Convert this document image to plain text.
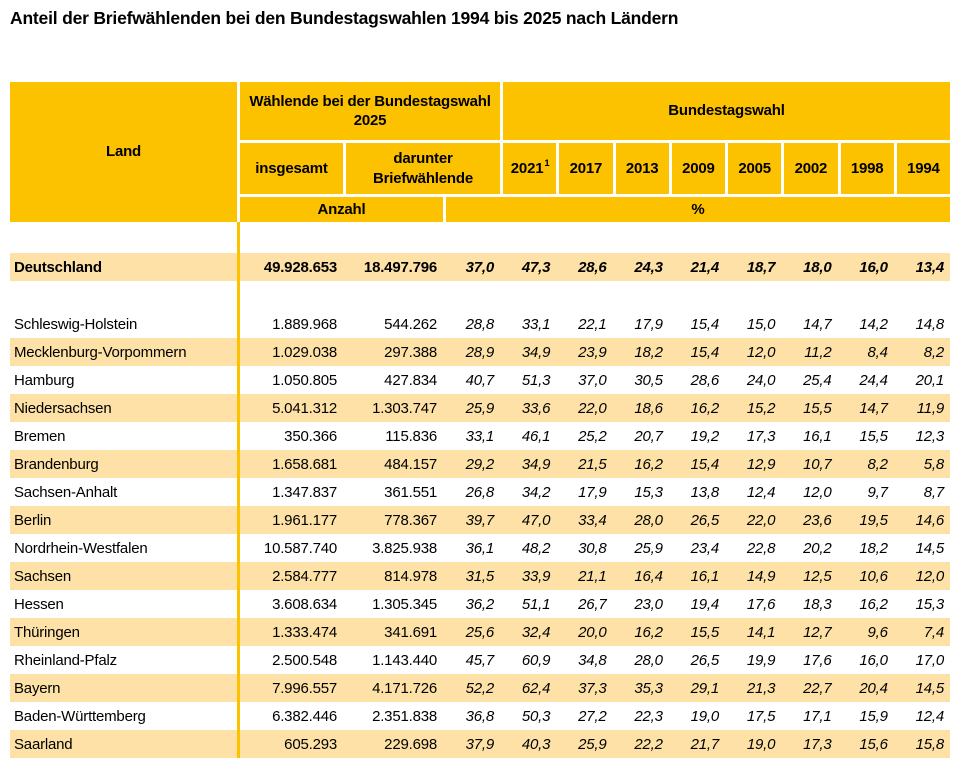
Anteil der Briefwählenden bei den Bundestagswahlen 1994 bis 2025 nach Ländern
Land
Wählende bei der Bundestagswahl 2025
Bundestagswahl
insgesamt
darunter Briefwählende
Anzahl	%
2021$^1$ 2017 2013 2009 2005 2002 1998 1994
Deutschland	49.928.653	18.497.796	37,0	47,3	28,6	24,3	21,4	18,7	18,0	16,0	13,4
Schleswig-Holstein	1.889.968	544.262	28,8	33,1	22,1	17,9	15,4	15,0	14,7	14,2	14,8
Mecklenburg-Vorpommern	1.029.038	297.388	28,9	34,9	23,9	18,2	15,4	12,0	11,2	8,4	8,2
Hamburg	1.050.805	427.834	40,7	51,3	37,0	30,5	28,6	24,0	25,4	24,4	20,1
Niedersachsen	5.041.312	1.303.747	25,9	33,6	22,0	18,6	16,2	15,2	15,5	14,7	11,9
Bremen	350.366	115.836	33,1	46,1	25,2	20,7	19,2	17,3	16,1	15,5	12,3
Brandenburg	1.658.681	484.157	29,2	34,9	21,5	16,2	15,4	12,9	10,7	8,2	5,8
Sachsen-Anhalt	1.347.837	361.551	26,8	34,2	17,9	15,3	13,8	12,4	12,0	9,7	8,7
Berlin	1.961.177	778.367	39,7	47,0	33,4	28,0	26,5	22,0	23,6	19,5	14,6
Nordrhein-Westfalen	10.587.740	3.825.938	36,1	48,2	30,8	25,9	23,4	22,8	20,2	18,2	14,5
Sachsen	2.584.777	814.978	31,5	33,9	21,1	16,4	16,1	14,9	12,5	10,6	12,0
Hessen	3.608.634	1.305.345	36,2	51,1	26,7	23,0	19,4	17,6	18,3	16,2	15,3
Thüringen	1.333.474	341.691	25,6	32,4	20,0	16,2	15,5	14,1	12,7	9,6	7,4
Rheinland-Pfalz	2.500.548	1.143.440	45,7	60,9	34,8	28,0	26,5	19,9	17,6	16,0	17,0
Bayern	7.996.557	4.171.726	52,2	62,4	37,3	35,3	29,1	21,3	22,7	20,4	14,5
Baden-Württemberg	6.382.446	2.351.838	36,8	50,3	27,2	22,3	19,0	17,5	17,1	15,9	12,4
Saarland	605.293	229.698	37,9	40,3	25,9	22,2	21,7	19,0	17,3	15,6	15,8
